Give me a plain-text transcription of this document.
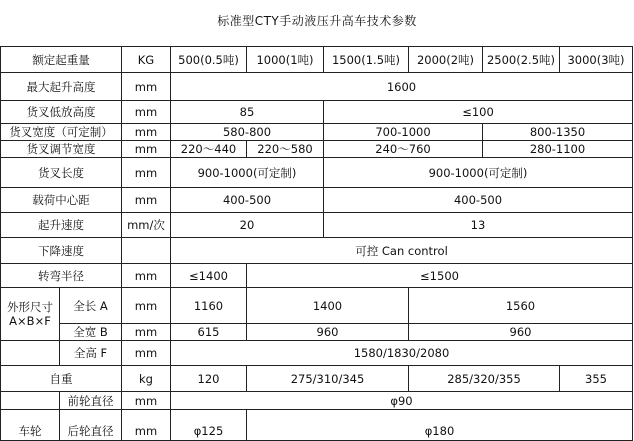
标准型CTY手动液压升高车技术参数
额定起重量	KG	500(0.5吨)	1000(1吨)	1500(1.5吨)	2000(2吨)	2500(2.5吨)	3000(3吨)
最大起升高度	mm	1600
货叉低放高度	mm	85	≤100
货叉宽度（可定制）	mm	580-800	700-1000	800-1350
货叉调节宽度	mm	220～440	220～580	240～760	280-1100
货叉长度	mm	900-1000(可定制)	900-1000(可定制)
载荷中心距	mm	400-500	400-500
起升速度	mm/次	20	13
下降速度	可控 Can control
转弯半径	mm	≤1400	≤1500
外形尺寸A×B×F
全长 A	mm	1160	1400	1560
全宽 B	mm	615	960	960
全高 F	mm	1580/1830/2080
自重	kg	120	275/310/345	285/320/355	355
车轮
前轮直径	mm	φ90
后轮直径	mm	φ125	φ180
